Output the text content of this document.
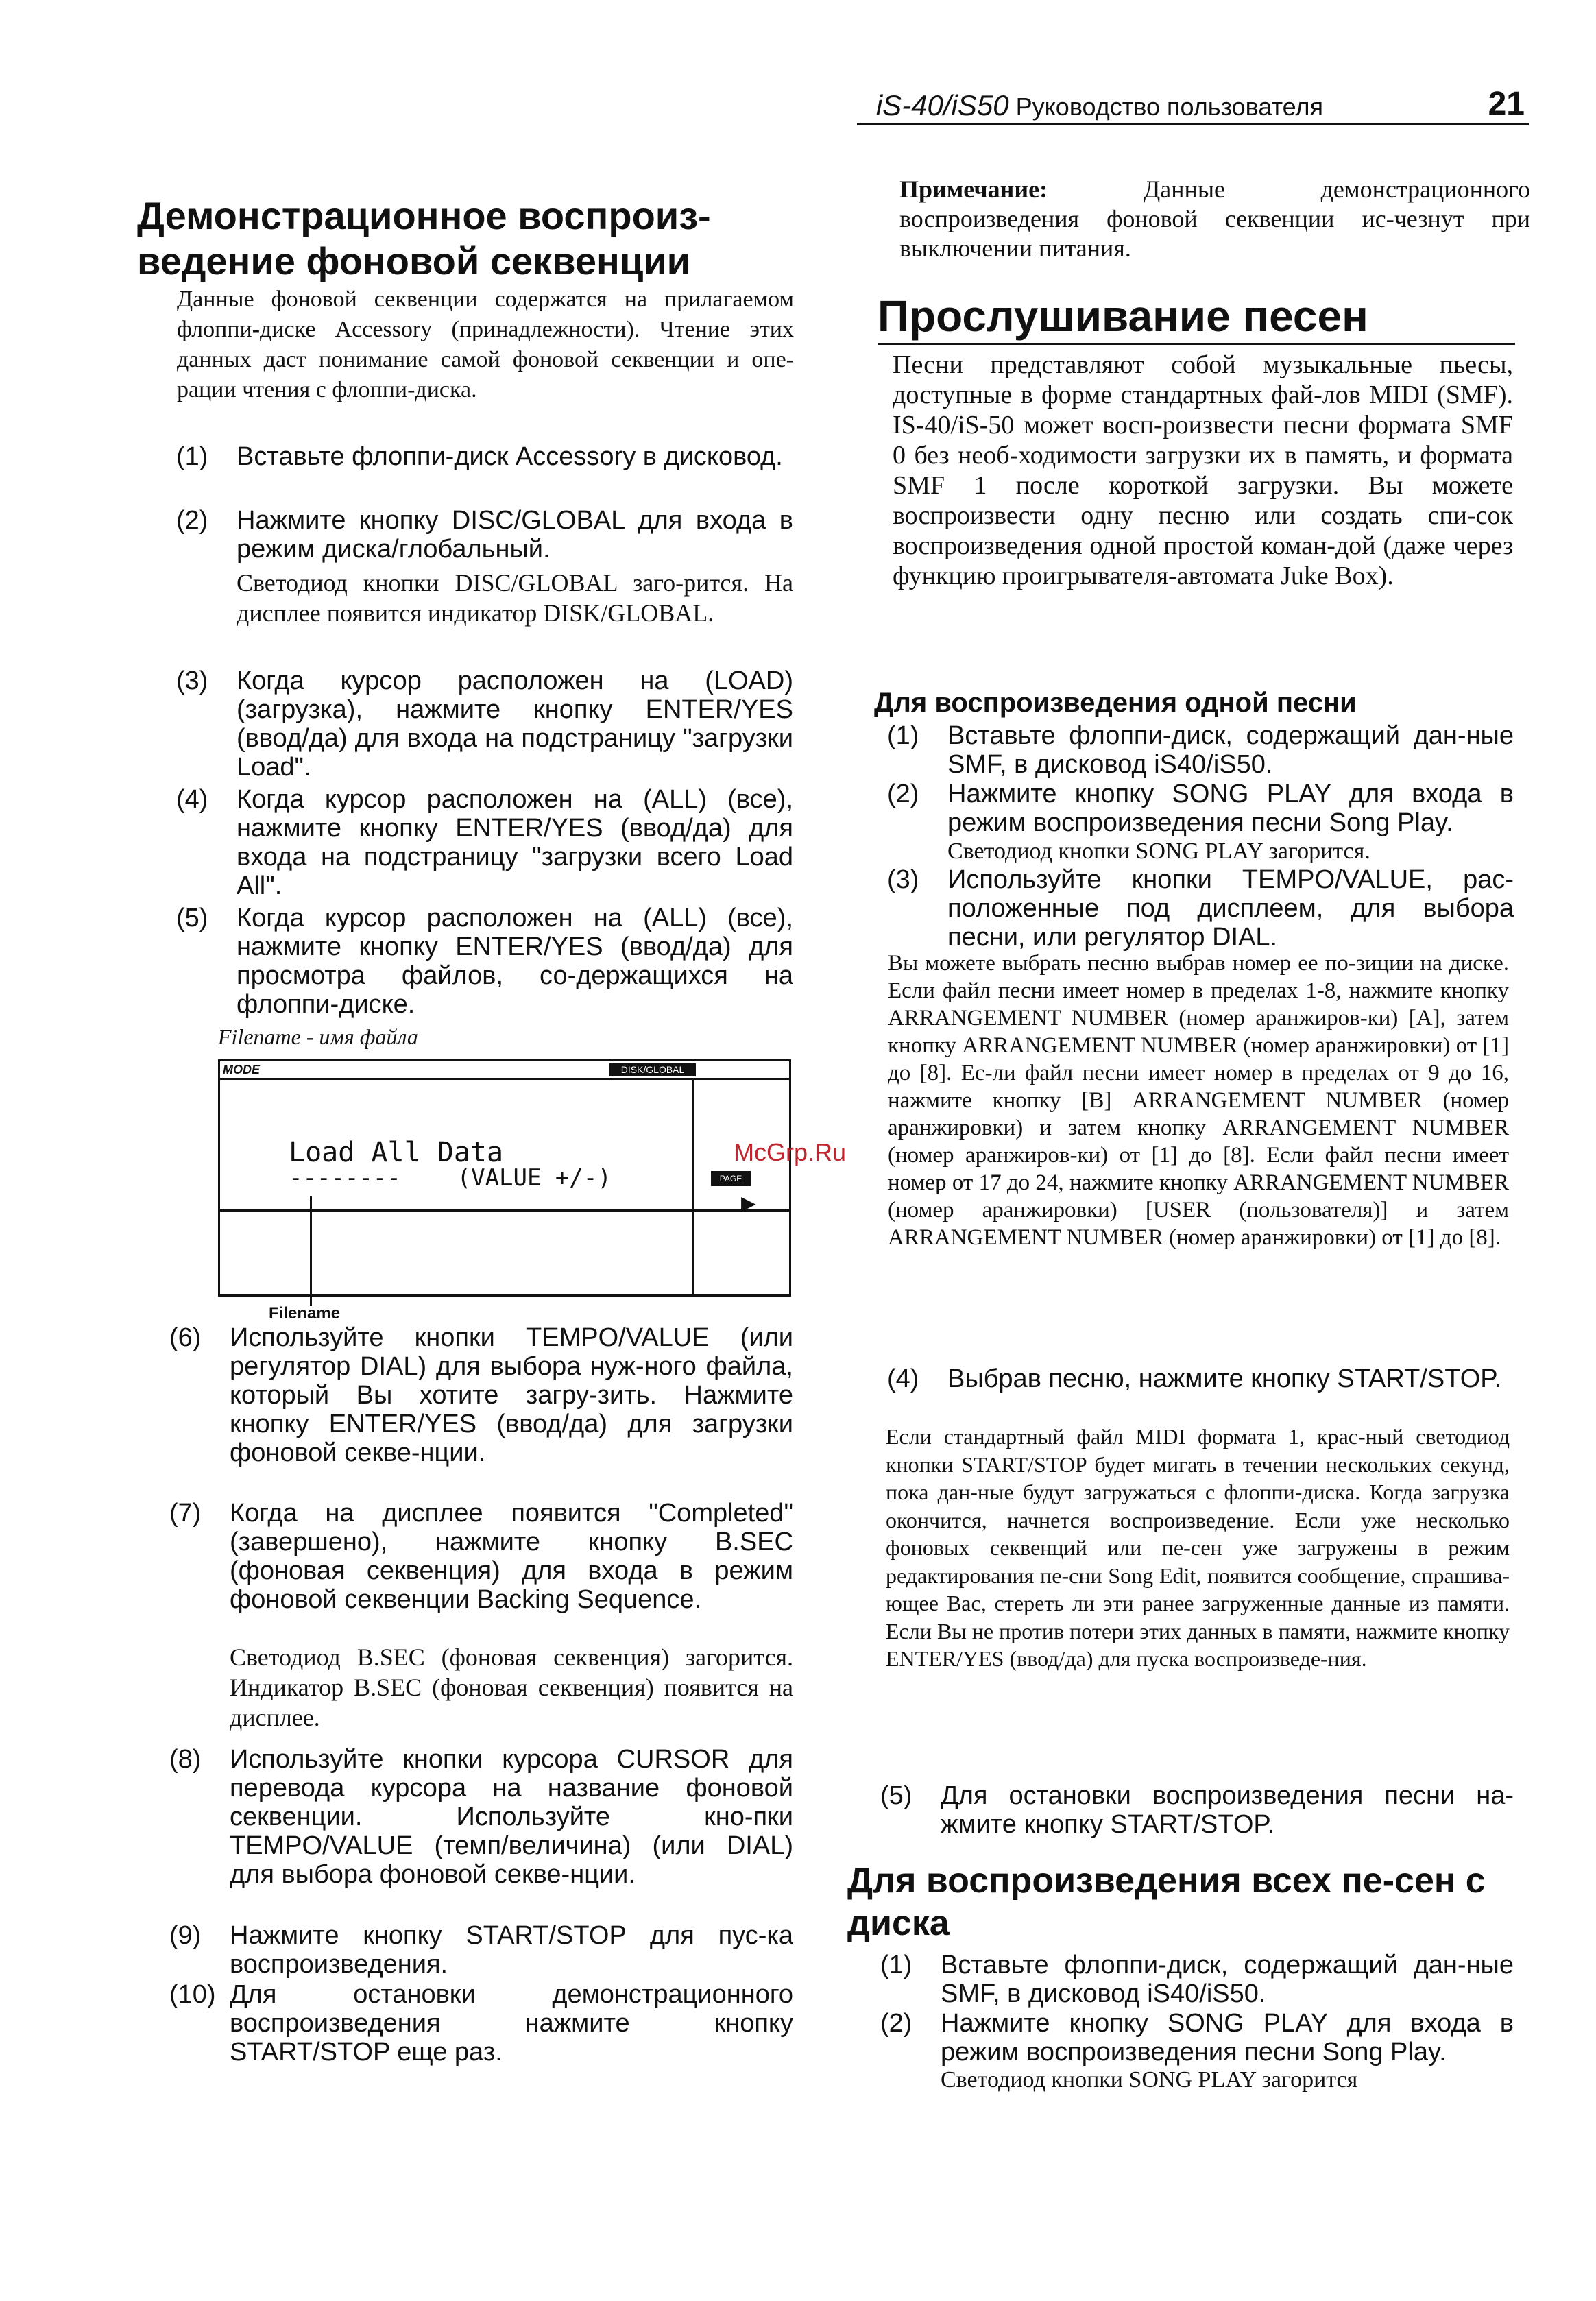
iS-40/iS50 Руководство пользователя	21
Демонстрационное воспроиз-ведение фоновой секвенции

Данные фоновой секвенции содержатся на прилагаемом флоппи-диске Accessory (принадлежности). Чтение этих данных даст понимание самой фоновой секвенции и опе-рации чтения с флоппи-диска.

(1) Вставьте флоппи-диск Accessory в дисковод.
(2) Нажмите кнопку DISC/GLOBAL для входа в режим диска/глобальный.

Светодиод кнопки DISC/GLOBAL заго-рится. На дисплее появится индикатор DISK/GLOBAL.

(3) Когда курсор расположен на (LOAD) (загрузка), нажмите кнопку ENTER/YES (ввод/да) для входа на подстраницу "загрузки Load".
(4) Когда курсор расположен на (ALL) (все), нажмите кнопку ENTER/YES (ввод/да) для входа на подстраницу "загрузки всего Load All".
(5) Когда курсор расположен на (ALL) (все), нажмите кнопку ENTER/YES (ввод/да) для просмотра файлов, со-держащихся на флоппи-диске.
Filename - имя файла
MODE	DISK/GLOBAL
Load All Data
--------    (VALUE +/-)	PAGE
▶
Filename
(6) Используйте кнопки TEMPO/VALUE (или регулятор DIAL) для выбора нуж-ного файла, который Вы хотите загру-зить. Нажмите кнопку ENTER/YES (ввод/да) для загрузки фоновой секве-нции.
(7) Когда на дисплее появится "Completed" (завершено), нажмите кнопку B.SEC (фоновая секвенция) для входа в режим фоновой секвенции Backing Sequence.

Светодиод B.SEC (фоновая секвенция) загорится. Индикатор B.SEC (фоновая секвенция) появится на дисплее.

(8) Используйте кнопки курсора CURSOR для перевода курсора на название фоновой секвенции. Используйте кно-пки TEMPO/VALUE (темп/величина) (или DIAL) для выбора фоновой секве-нции.
(9) Нажмите кнопку START/STOP для пус-ка воспроизведения.
(10) Для остановки демонстрационного воспроизведения нажмите кнопку START/STOP еще раз.
McGrp.Ru

Примечание:	Данные демонстрационного воспроизведения фоновой секвенции ис-чезнут при выключении питания.

Прослушивание песен

Песни представляют собой музыкальные пьесы, доступные в форме стандартных фай-лов MIDI (SMF). IS-40/iS-50 может восп-роизвести песни формата SMF 0 без необ-ходимости загрузки их в память, и формата SMF 1 после короткой загрузки. Вы можете воспроизвести одну песню или создать спи-сок воспроизведения одной простой коман-дой (даже через функцию проигрывателя-автомата Juke Box).

Для воспроизведения одной песни
(1) Вставьте флоппи-диск, содержащий дан-ные SMF, в дисковод iS40/iS50.
(2) Нажмите кнопку SONG PLAY для входа в режим воспроизведения песни Song Play.

Светодиод кнопки SONG PLAY загорится.

(3) Используйте кнопки TEMPO/VALUE, рас-положенные под дисплеем, для выбора песни, или регулятор DIAL.

Вы можете выбрать песню выбрав номер ее по-зиции на диске. Если файл песни имеет номер в пределах 1-8, нажмите кнопку ARRANGEMENT NUMBER (номер аранжиров-ки) [A], затем кнопку ARRANGEMENT NUMBER (номер аранжировки) от [1] до [8]. Ес-ли файл песни имеет номер в пределах от 9 до 16, нажмите кнопку [B] ARRANGEMENT NUMBER (номер аранжировки) и затем кнопку ARRANGEMENT NUMBER (номер аранжиров-ки) от [1] до [8]. Если файл песни имеет номер от 17 до 24, нажмите кнопку ARRANGEMENT NUMBER (номер аранжировки) [USER (пользователя)] и затем ARRANGEMENT NUMBER (номер аранжировки) от [1] до [8].

(4) Выбрав песню, нажмите кнопку START/STOP.

Если стандартный файл MIDI формата 1, крас-ный светодиод кнопки START/STOP будет мигать в течении нескольких секунд, пока дан-ные будут загружаться с флоппи-диска. Когда загрузка окончится, начнется воспроизведение. Если уже несколько фоновых секвенций или пе-сен уже загружены в режим редактирования пе-сни Song Edit, появится сообщение, спрашива-ющее Вас, стереть ли эти ранее загруженные данные из памяти. Если Вы не против потери этих данных в памяти, нажмите кнопку ENTER/YES (ввод/да) для пуска воспроизведе-ния.

(5) Для остановки воспроизведения песни на-жмите кнопку START/STOP.
Для воспроизведения всех пе-сен с диска
(1) Вставьте флоппи-диск, содержащий дан-ные SMF, в дисковод iS40/iS50.
(2) Нажмите кнопку SONG PLAY для входа в режим воспроизведения песни Song Play.

Светодиод кнопки SONG PLAY загорится
